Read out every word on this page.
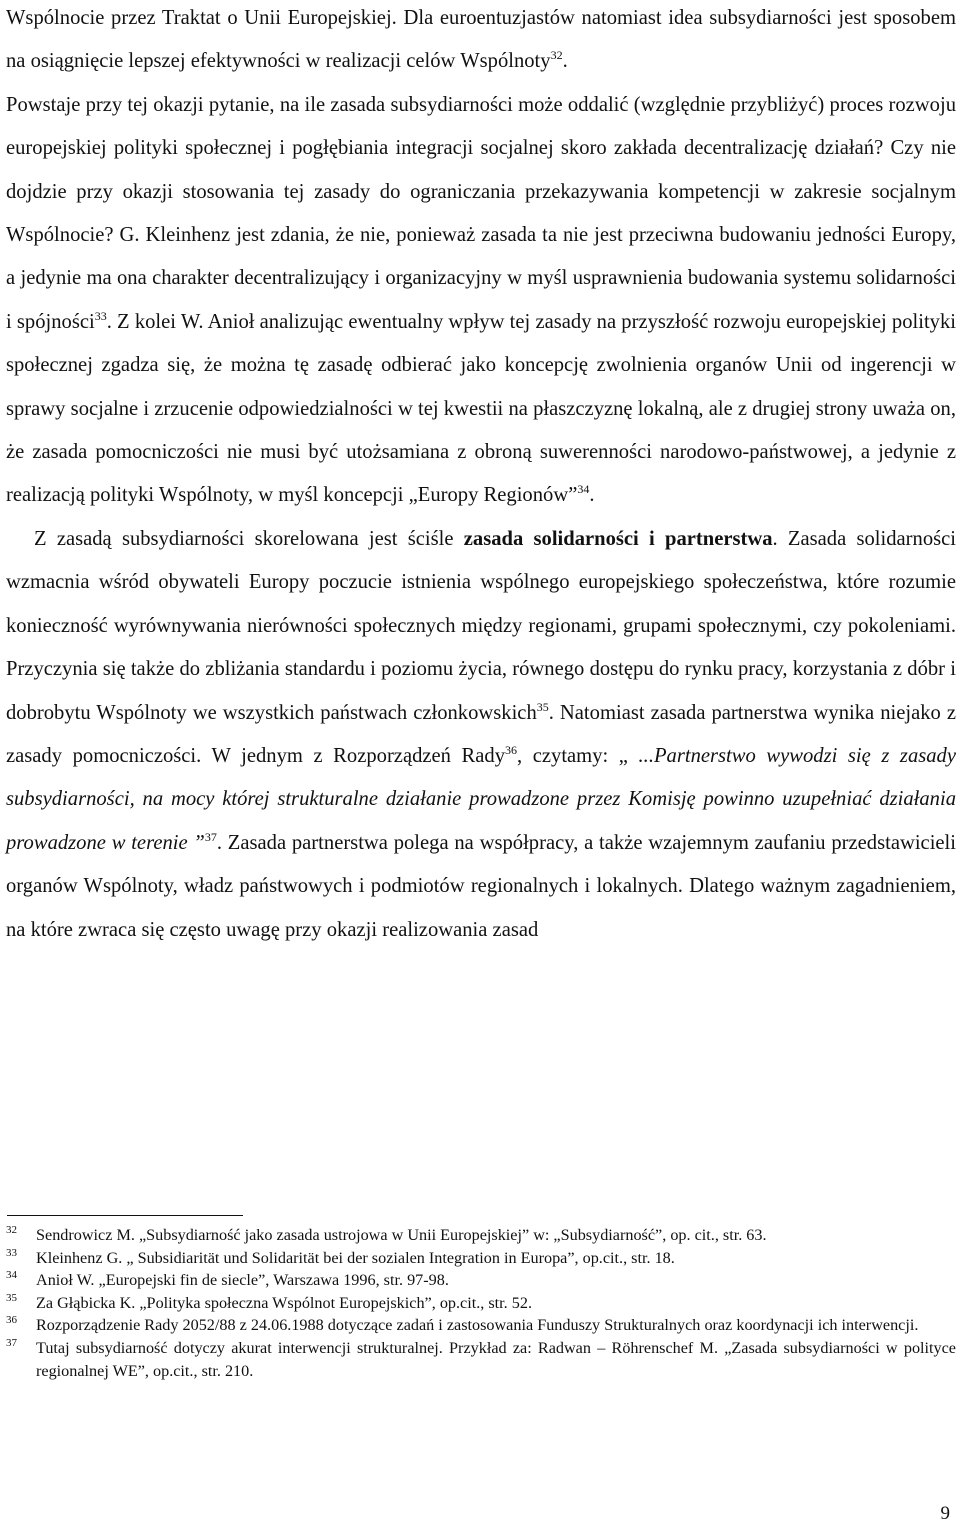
Wspólnocie przez Traktat o Unii Europejskiej. Dla euroentuzjastów natomiast idea subsydiarności jest sposobem na osiągnięcie lepszej efektywności w realizacji celów Wspólnoty$^{32}$.

Powstaje przy tej okazji pytanie, na ile zasada subsydiarności może oddalić (względnie przybliżyć) proces rozwoju europejskiej polityki społecznej i pogłębiania integracji socjalnej skoro zakłada decentralizację działań? Czy nie dojdzie przy okazji stosowania tej zasady do ograniczania przekazywania kompetencji w zakresie socjalnym Wspólnocie? G. Kleinhenz jest zdania, że nie, ponieważ zasada ta nie jest przeciwna budowaniu jedności Europy, a jedynie ma ona charakter decentralizujący i organizacyjny w myśl usprawnienia budowania systemu solidarności i spójności$^{33}$. Z kolei W. Anioł analizując ewentualny wpływ tej zasady na przyszłość rozwoju europejskiej polityki społecznej zgadza się, że można tę zasadę odbierać jako koncepcję zwolnienia organów Unii od ingerencji w sprawy socjalne i zrzucenie odpowiedzialności w tej kwestii na płaszczyznę lokalną, ale z drugiej strony uważa on, że zasada pomocniczości nie musi być utożsamiana z obroną suwerenności narodowo-państwowej, a jedynie z realizacją polityki Wspólnoty, w myśl koncepcji „Europy Regionów”$^{34}$.

Z zasadą subsydiarności skorelowana jest ściśle zasada solidarności i partnerstwa. Zasada solidarności wzmacnia wśród obywateli Europy poczucie istnienia wspólnego europejskiego społeczeństwa, które rozumie konieczność wyrównywania nierówności społecznych między regionami, grupami społecznymi, czy pokoleniami. Przyczynia się także do zbliżania standardu i poziomu życia, równego dostępu do rynku pracy, korzystania z dóbr i dobrobytu Wspólnoty we wszystkich państwach członkowskich$^{35}$. Natomiast zasada partnerstwa wynika niejako z zasady pomocniczości. W jednym z Rozporządzeń Rady$^{36}$, czytamy: „ ...Partnerstwo wywodzi się z zasady subsydiarności, na mocy której strukturalne działanie prowadzone przez Komisję powinno uzupełniać działania prowadzone w terenie ”$^{37}$. Zasada partnerstwa polega na współpracy, a także wzajemnym zaufaniu przedstawicieli organów Wspólnoty, władz państwowych i podmiotów regionalnych i lokalnych. Dlatego ważnym zagadnieniem, na które zwraca się często uwagę przy okazji realizowania zasad

32 Sendrowicz M. „Subsydiarność jako zasada ustrojowa w Unii Europejskiej” w: „Subsydiarność”, op. cit., str. 63.
33 Kleinhenz G. „ Subsidiarität und Solidarität bei der sozialen Integration in Europa”, op.cit., str. 18.
34 Anioł W. „Europejski fin de siecle”, Warszawa 1996, str. 97-98.
35 Za Głąbicka K. „Polityka społeczna Wspólnot Europejskich”, op.cit., str. 52.
36 Rozporządzenie Rady 2052/88 z 24.06.1988 dotyczące zadań i zastosowania Funduszy Strukturalnych oraz koordynacji ich interwencji.
37 Tutaj subsydiarność dotyczy akurat interwencji strukturalnej. Przykład za: Radwan – Röhrenschef M. „Zasada subsydiarności w polityce regionalnej WE”, op.cit., str. 210.
9
